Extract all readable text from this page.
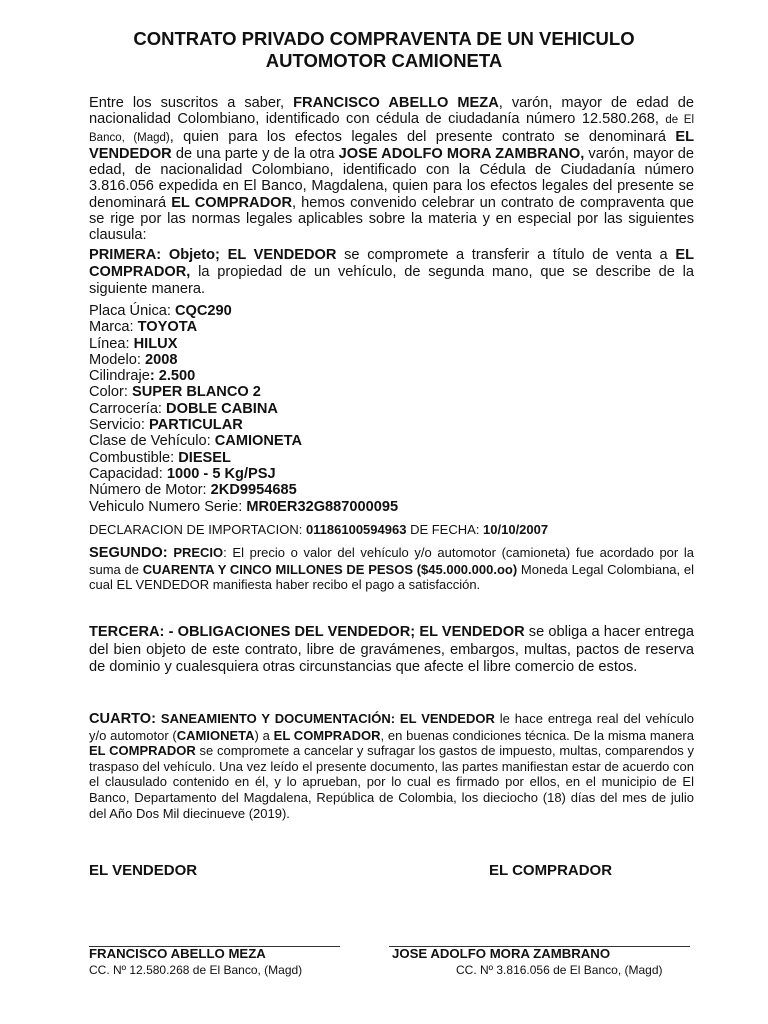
CONTRATO PRIVADO COMPRAVENTA DE UN VEHICULO
AUTOMOTOR CAMIONETA

Entre los suscritos a saber, FRANCISCO ABELLO MEZA, varón, mayor de edad de nacionalidad Colombiano, identificado con cédula de ciudadanía número 12.580.268, de El Banco, (Magd), quien para los efectos legales del presente contrato se denominará EL VENDEDOR de una parte y de la otra JOSE ADOLFO MORA ZAMBRANO, varón, mayor de edad, de nacionalidad Colombiano, identificado con la Cédula de Ciudadanía número 3.816.056 expedida en El Banco, Magdalena, quien para los efectos legales del presente se denominará EL COMPRADOR, hemos convenido celebrar un contrato de compraventa que se rige por las normas legales aplicables sobre la materia y en especial por las siguientes clausula:

PRIMERA: Objeto; EL VENDEDOR se compromete a transferir a título de venta a EL COMPRADOR, la propiedad de un vehículo, de segunda mano, que se describe de la siguiente manera.

Placa Única: CQC290
Marca: TOYOTA
Línea: HILUX
Modelo: 2008
Cilindraje: 2.500
Color: SUPER BLANCO 2
Carrocería: DOBLE CABINA
Servicio: PARTICULAR
Clase de Vehículo: CAMIONETA
Combustible: DIESEL
Capacidad: 1000 - 5 Kg/PSJ
Número de Motor: 2KD9954685
Vehiculo Numero Serie: MR0ER32G887000095

DECLARACION DE IMPORTACION: 01186100594963 DE FECHA: 10/10/2007

SEGUNDO: PRECIO: El precio o valor del vehículo y/o automotor (camioneta) fue acordado por la suma de CUARENTA Y CINCO MILLONES DE PESOS ($45.000.000.oo) Moneda Legal Colombiana, el cual EL VENDEDOR manifiesta haber recibo el pago a satisfacción.

TERCERA: - OBLIGACIONES DEL VENDEDOR; EL VENDEDOR se obliga a hacer entrega del bien objeto de este contrato, libre de gravámenes, embargos, multas, pactos de reserva de dominio y cualesquiera otras circunstancias que afecte el libre comercio de estos.

CUARTO: SANEAMIENTO Y DOCUMENTACIÓN: EL VENDEDOR le hace entrega real del vehículo y/o automotor (CAMIONETA) a EL COMPRADOR, en buenas condiciones técnica. De la misma manera EL COMPRADOR se compromete a cancelar y sufragar los gastos de impuesto, multas, comparendos y traspaso del vehículo. Una vez leído el presente documento, las partes manifiestan estar de acuerdo con el clausulado contenido en él, y lo aprueban, por lo cual es firmado por ellos, en el municipio de El Banco, Departamento del Magdalena, República de Colombia, los dieciocho (18) días del mes de julio del Año Dos Mil diecinueve (2019).

EL VENDEDOR	EL COMPRADOR
FRANCISCO ABELLO MEZA	JOSE ADOLFO MORA ZAMBRANO
CC. Nº 12.580.268 de El Banco, (Magd)	CC. Nº 3.816.056 de El Banco, (Magd)
